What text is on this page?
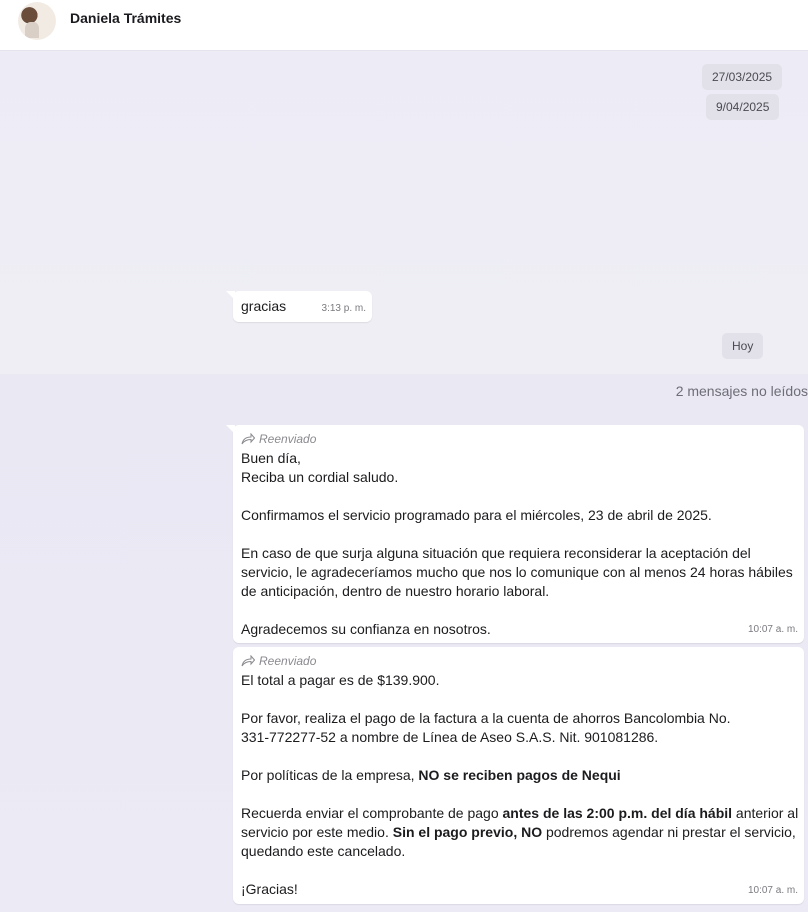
Daniela Trámites
27/03/2025
9/04/2025
gracias	3:13 p. m.
Hoy
2 mensajes no leídos
Reenviado
Buen día,
Reciba un cordial saludo.
Confirmamos el servicio programado para el miércoles, 23 de abril de 2025.
En caso de que surja alguna situación que requiera reconsiderar la aceptación del
servicio, le agradeceríamos mucho que nos lo comunique con al menos 24 horas hábiles
de anticipación, dentro de nuestro horario laboral.
Agradecemos su confianza en nosotros.	10:07 a. m.
Reenviado
El total a pagar es de $139.900.
Por favor, realiza el pago de la factura a la cuenta de ahorros Bancolombia No.
331-772277-52 a nombre de Línea de Aseo S.A.S. Nit. 901081286.
Por políticas de la empresa, NO se reciben pagos de Nequi
Recuerda enviar el comprobante de pago antes de las 2:00 p.m. del día hábil anterior al
servicio por este medio. Sin el pago previo, NO podremos agendar ni prestar el servicio,
quedando este cancelado.
¡Gracias!	10:07 a. m.
